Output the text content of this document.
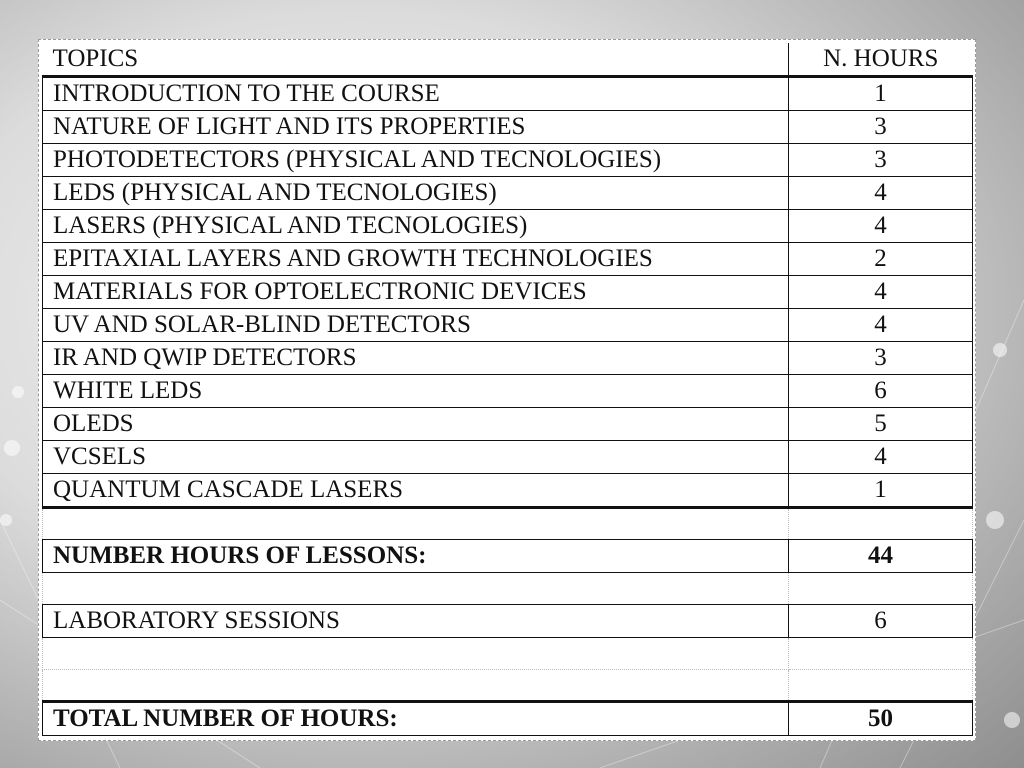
TOPICS	N. HOURS
INTRODUCTION TO THE COURSE	1
NATURE OF LIGHT AND ITS PROPERTIES	3
PHOTODETECTORS (PHYSICAL AND TECNOLOGIES)	3
LEDS (PHYSICAL AND TECNOLOGIES)	4
LASERS (PHYSICAL AND TECNOLOGIES)	4
EPITAXIAL LAYERS AND GROWTH TECHNOLOGIES	2
MATERIALS FOR OPTOELECTRONIC DEVICES	4
UV AND SOLAR-BLIND DETECTORS	4
IR AND QWIP DETECTORS	3
WHITE LEDS	6
OLEDS	5
VCSELS	4
QUANTUM CASCADE LASERS	1

NUMBER HOURS OF LESSONS:	44

LABORATORY SESSIONS	6

TOTAL NUMBER OF HOURS:	50
